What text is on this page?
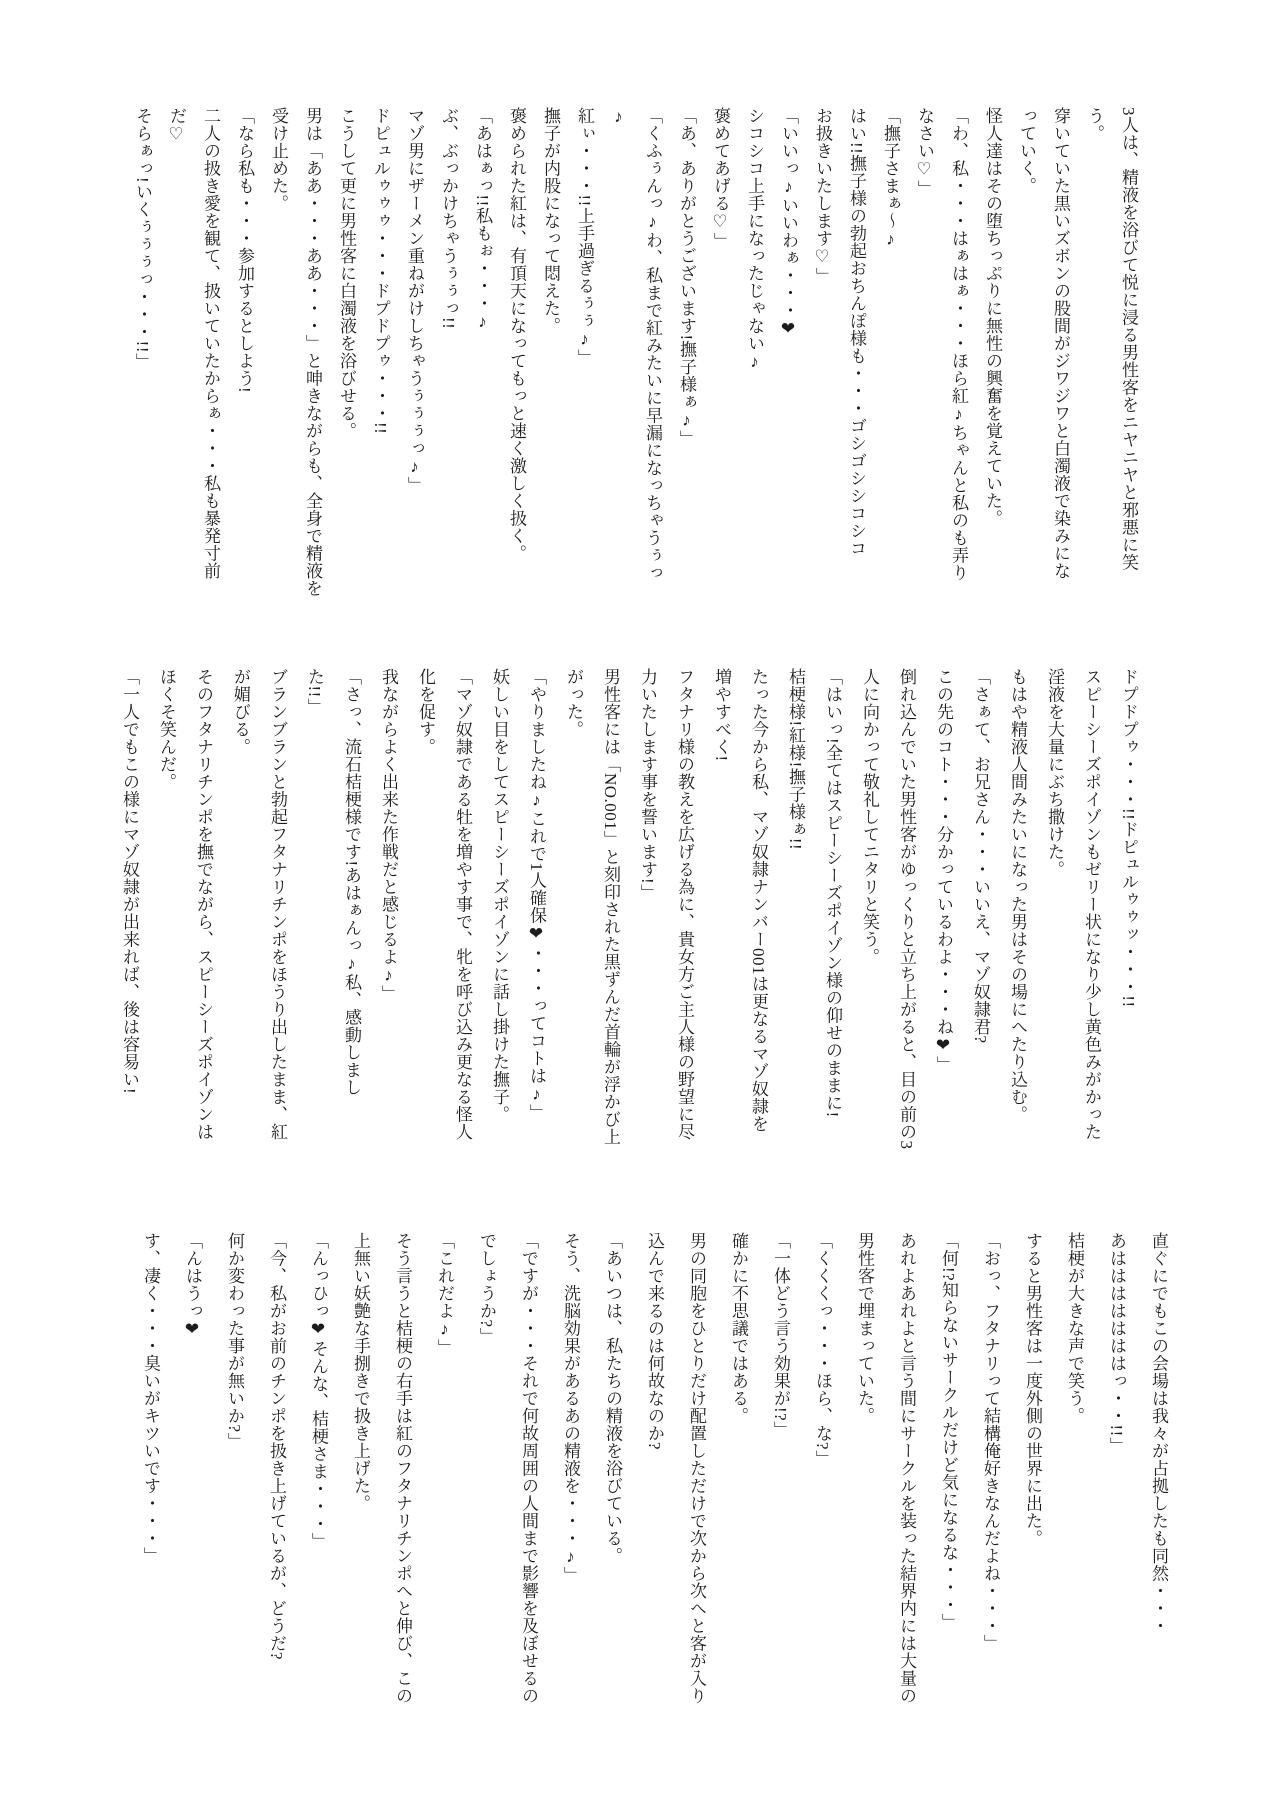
3人は、精液を浴びて悦に浸る男性客をニヤニヤと邪悪に笑

う。

穿いていた黒いズボンの股間がジワジワと白濁液で染みにな

っていく。

怪人達はその堕ちっぷりに無性の興奮を覚えていた。

「わ、私・・・はぁはぁ・・・ほら紅♪ちゃんと私のも弄り

なさい♡」

「撫子さまぁ〜♪

はい!!撫子様の勃起おちんぽ様も・・・ゴシゴシシコシコ

お扱きいたします♡」

「いいっ♪いいわぁ・・・❤

シコシコ上手になったじゃない♪

褒めてあげる♡」

「あ、ありがとうございます!撫子様ぁ♪」

「くふぅんっ♪わ、私まで紅みたいに早漏になっちゃうぅっ

♪

紅ぃ・・・!!上手過ぎるぅぅ♪」

撫子が内股になって悶えた。

褒められた紅は、有頂天になってもっと速く激しく扱く。

「あはぁっ!!私もぉ・・・♪

ぶ、ぶっかけちゃうぅぅっ!!

マゾ男にザーメン重ねがけしちゃうぅぅぅっ♪」

ドピュルゥゥゥ・・・ドプドプゥ・・・!!

こうして更に男性客に白濁液を浴びせる。

男は「ああ・・・ああ・・・」と呻きながらも、全身で精液を

受け止めた。

「なら私も・・・参加するとしよう!

二人の扱き愛を観て、扱いていたからぁ・・・私も暴発寸前

だ♡

そらぁっ!いくぅぅぅっ・・・!!」

ドプドプゥ・・・!!ドピュルゥゥッ・・・!!

スピーシーズポイゾンもゼリー状になり少し黄色みがかった

淫液を大量にぶち撒けた。

もはや精液人間みたいになった男はその場にへたり込む。

「さぁて、お兄さん・・・いいえ、マゾ奴隷君?

この先のコト・・・分かっているわよ・・・ね❤」

倒れ込んでいた男性客がゆっくりと立ち上がると、目の前の3

人に向かって敬礼してニタリと笑う。

「はいっ!全てはスピーシーズポイゾン様の仰せのままに!

桔梗様!紅様!撫子様ぁ!!

たった今から私、マゾ奴隷ナンバー001は更なるマゾ奴隷を

増やすべく!

フタナリ様の教えを広げる為に、貴女方ご主人様の野望に尽

力いたします事を誓います!」

男性客には「NO.001」と刻印された黒ずんだ首輪が浮かび上

がった。

「やりましたね♪これで1人確保❤・・・ってコトは♪」

妖しい目をしてスピーシーズポイゾンに話し掛けた撫子。

「マゾ奴隷である牡を増やす事で、牝を呼び込み更なる怪人

化を促す。

我ながらよく出来た作戦だと感じるよ♪」

「さっ、流石桔梗様です!あはぁんっ♪私、感動しまし

た!!」

ブランブランと勃起フタナリチンポをほうり出したまま、紅

が媚びる。

そのフタナリチンポを撫でながら、スピーシーズポイゾンは

ほくそ笑んだ。

「一人でもこの様にマゾ奴隷が出来れば、後は容易い!

直ぐにでもこの会場は我々が占拠したも同然・・・

あはははははははっ・・!!」

桔梗が大きな声で笑う。

すると男性客は一度外側の世界に出た。

「おっ、フタナリって結構俺好きなんだよね・・・」

「何!?知らないサークルだけど気になるな・・・」

あれよあれよと言う間にサークルを装った結界内には大量の

男性客で埋まっていた。

「くくくっ・・・ほら、な?」

「一体どう言う効果が!?」

確かに不思議ではある。

男の同胞をひとりだけ配置しただけで次から次へと客が入り

込んで来るのは何故なのか?

「あいつは、私たちの精液を浴びている。

そう、洗脳効果があるあの精液を・・・♪」

「ですが・・・それで何故周囲の人間まで影響を及ぼせるの

でしょうか?」

「これだよ♪」

そう言うと桔梗の右手は紅のフタナリチンポへと伸び、この

上無い妖艶な手捌きで扱き上げた。

「んっひっ❤そんな、桔梗さま・・・」

「今、私がお前のチンポを扱き上げているが、どうだ?

何か変わった事が無いか?」

「んはうっ❤

す、凄く・・・臭いがキツいです・・・」
